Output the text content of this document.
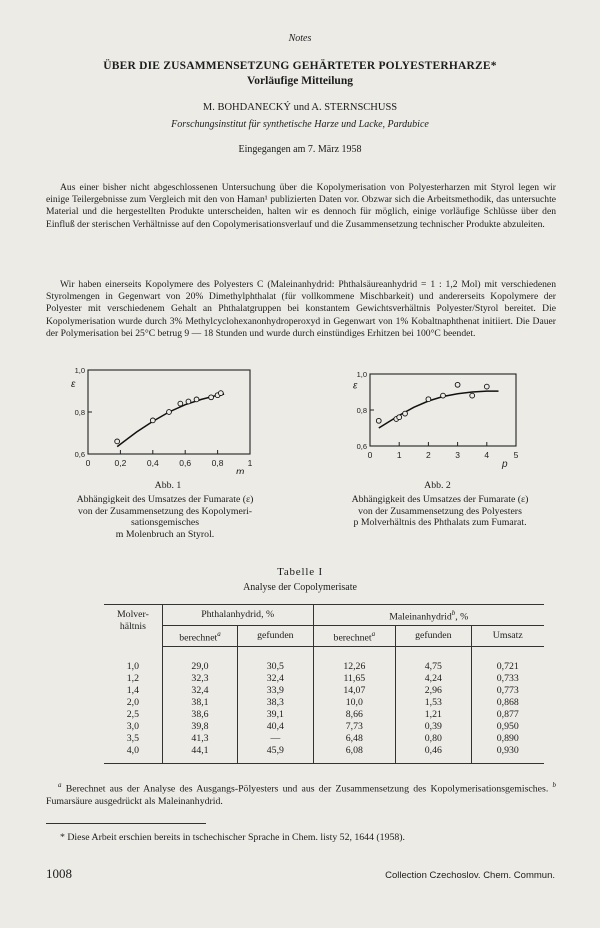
Notes
ÜBER DIE ZUSAMMENSETZUNG GEHÄRTETER POLYESTERHARZE*
Vorläufige Mitteilung
M. BOHDANECKÝ und A. STERNSCHUSS
Forschungsinstitut für synthetische Harze und Lacke, Pardubice
Eingegangen am 7. März 1958
Aus einer bisher nicht abgeschlossenen Untersuchung über die Kopolymerisation von Polyesterharzen mit Styrol legen wir einige Teilergebnisse zum Vergleich mit den von Haman¹ publizierten Daten vor. Obzwar sich die Arbeitsmethodik, das untersuchte Material und die hergestellten Produkte unterscheiden, halten wir es dennoch für möglich, einige vorläufige Schlüsse über den Einfluß der sterischen Verhältnisse auf den Copolymerisationsverlauf und die Zusammensetzung technischer Produkte abzuleiten.
Wir haben einerseits Kopolymere des Polyesters C (Maleinanhydrid: Phthalsäureanhydrid = 1 : 1,2 Mol) mit verschiedenen Styrolmengen in Gegenwart von 20% Dimethylphthalat (für vollkommene Mischbarkeit) und andererseits Kopolymere der Polyester mit verschiedenem Gehalt an Phthalatgruppen bei konstantem Gewichtsverhältnis Polyester/Styrol bereitet. Die Kopolymerisation wurde durch 3% Methylcyclohexanonhydroperoxyd in Gegenwart von 1% Kobaltnaphthenat initiiert. Die Dauer der Polymerisation bei 25°C betrug 9 — 18 Stunden und wurde durch einstündiges Erhitzen bei 100°C beendet.
0	0,2 0,4 0,6 0,8	1
1,0
0,8
0,6
m
ε
0	1	2	3	4	5
1,0
0,8
0,6
p
ε
Abb. 1
Abhängigkeit des Umsatzes der Fumarate (ε)
von der Zusammensetzung des Kopolymeri-
sationsgemisches
m Molenbruch an Styrol.
Abb. 2
Abhängigkeit des Umsatzes der Fumarate (ε)
von der Zusammensetzung des Polyesters
p Molverhältnis des Phthalats zum Fumarat.
Tabelle I
Analyse der Copolymerisate
Molver-
hältnis	Phthalanhydrid, %		Maleinanhydrid$^b$, %		
	berechnet$^a$	gefunden	berechnet$^a$	gefunden	Umsatz
1,0	29,0	30,5	12,26	4,75	0,721
1,2	32,3	32,4	11,65	4,24	0,733
1,4	32,4	33,9	14,07	2,96	0,773
2,0	38,1	38,3	10,0	1,53	0,868
2,5	38,6	39,1	8,66	1,21	0,877
3,0	39,8	40,4	7,73	0,39	0,950
3,5	41,3	—	6,48	0,80	0,890
4,0	44,1	45,9	6,08	0,46	0,930
$^a$ Berechnet aus der Analyse des Ausgangs-Pölyesters und aus der Zusammensetzung des Kopolymerisationsgemisches. $^b$ Fumarsäure ausgedrückt als Maleinanhydrid.
* Diese Arbeit erschien bereits in tschechischer Sprache in Chem. listy 52, 1644 (1958).
1008	Collection Czechoslov. Chem. Commun.
